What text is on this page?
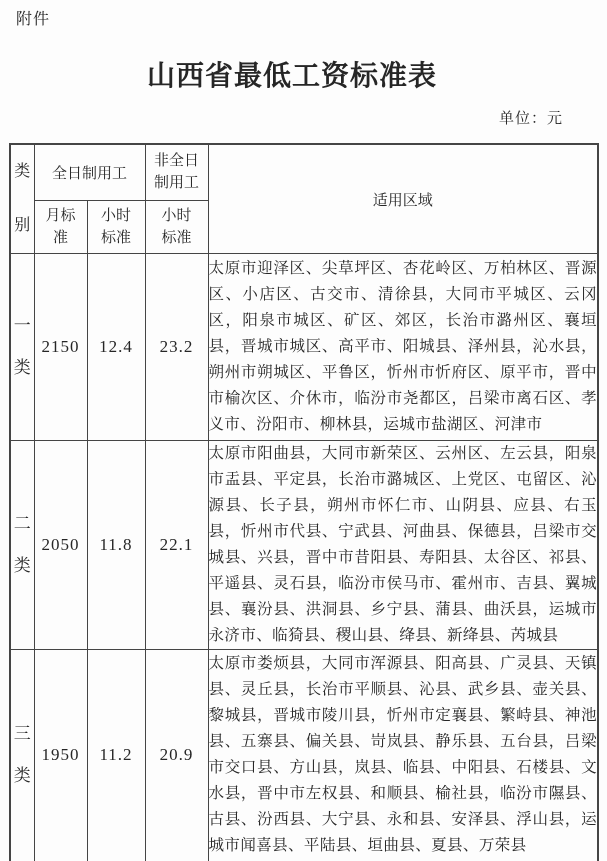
附件
山西省最低工资标准表
单位：元
类别	全日制用工		非全日制用工	适用区域

	月标准	小时标准	小时标准	

一类	2150	12.4	23.2	太原市迎泽区、尖草坪区、杏花岭区、万柏林区、晋源区、小店区、古交市、清徐县，大同市平城区、云冈区，阳泉市城区、矿区、郊区，长治市潞州区、襄垣县，晋城市城区、高平市、阳城县、泽州县，沁水县，朔州市朔城区、平鲁区，忻州市忻府区、原平市，晋中市榆次区、介休市，临汾市尧都区，吕梁市离石区、孝义市、汾阳市、柳林县，运城市盐湖区、河津市

二类	2050	11.8	22.1	太原市阳曲县，大同市新荣区、云州区、左云县，阳泉市盂县、平定县，长治市潞城区、上党区、屯留区、沁源县、长子县，朔州市怀仁市、山阴县、应县、右玉县，忻州市代县、宁武县、河曲县、保德县，吕梁市交城县、兴县，晋中市昔阳县、寿阳县、太谷区、祁县、平遥县、灵石县，临汾市侯马市、霍州市、吉县、翼城县、襄汾县、洪洞县、乡宁县、蒲县、曲沃县，运城市永济市、临猗县、稷山县、绛县、新绛县、芮城县

三类	1950	11.2	20.9	太原市娄烦县，大同市浑源县、阳高县、广灵县、天镇县、灵丘县，长治市平顺县、沁县、武乡县、壶关县、黎城县，晋城市陵川县，忻州市定襄县、繁峙县、神池县、五寨县、偏关县、岢岚县、静乐县、五台县，吕梁市交口县、方山县，岚县、临县、中阳县、石楼县、文水县，晋中市左权县、和顺县、榆社县，临汾市隰县、古县、汾西县、大宁县、永和县、安泽县、浮山县，运城市闻喜县、平陆县、垣曲县、夏县、万荣县
